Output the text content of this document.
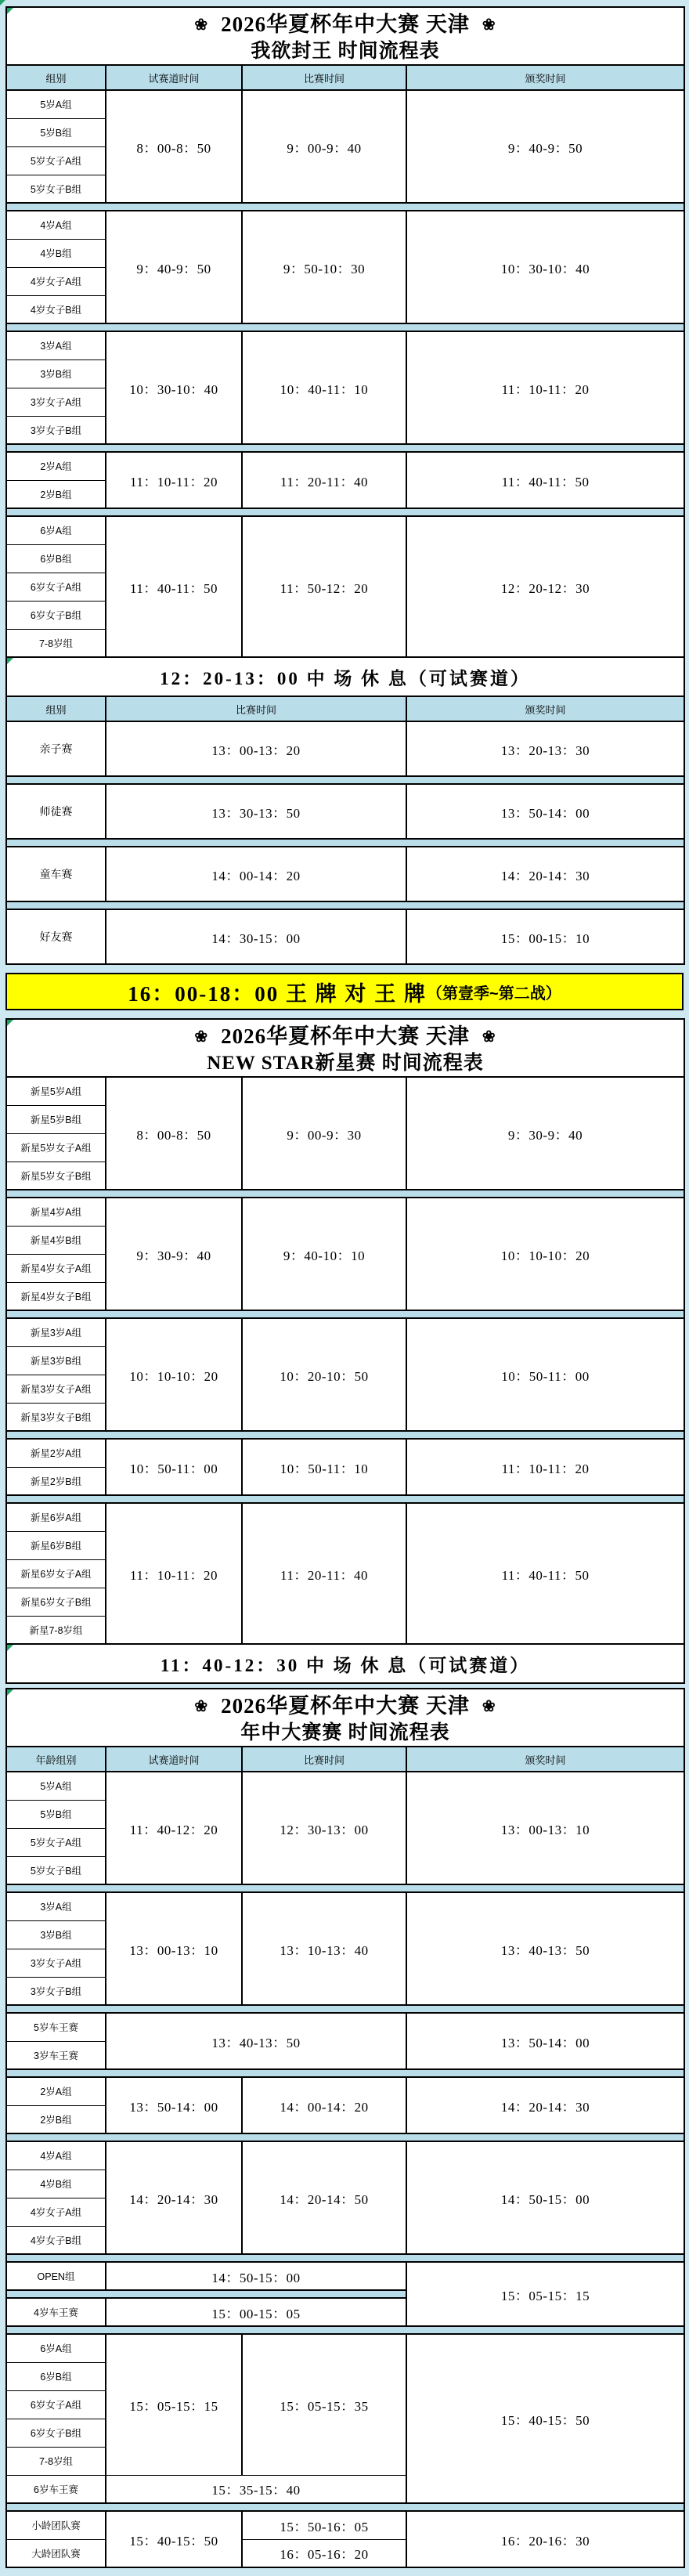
❀ 2026华夏杯年中大赛 天津 ❀
我欲封王 时间流程表			

组别	试赛道时间	比赛时间	颁奖时间
5岁A组	8：00-8：50	9：00-9：40	9：40-9：50
5岁B组			
5岁女子A组			
5岁女子B组			

4岁A组	9：40-9：50	9：50-10：30	10：30-10：40
4岁B组			
4岁女子A组			
4岁女子B组			

3岁A组	10：30-10：40	10：40-11：10	11：10-11：20
3岁B组			
3岁女子A组			
3岁女子B组			

2岁A组	11：10-11：20	11：20-11：40	11：40-11：50
2岁B组			

6岁A组	11：40-11：50	11：50-12：20	12：20-12：30
6岁B组			
6岁女子A组			
6岁女子B组			
7-8岁组			

12：20-13：00 中 场 休 息（可试赛道）			
组别	比赛时间		颁奖时间
亲子赛	13：00-13：20		13：20-13：30

师徒赛	13：30-13：50		13：50-14：00

童车赛	14：00-14：20		14：20-14：30

好友赛	14：30-15：00		15：00-15：10
16：00-18：00 王 牌 对 王 牌 （第壹季~第二战）
❀ 2026华夏杯年中大赛 天津 ❀
NEW STAR新星赛 时间流程表			

新星5岁A组	8：00-8：50	9：00-9：30	9：30-9：40
新星5岁B组			
新星5岁女子A组			
新星5岁女子B组			

新星4岁A组	9：30-9：40	9：40-10：10	10：10-10：20
新星4岁B组			
新星4岁女子A组			
新星4岁女子B组			

新星3岁A组	10：10-10：20	10：20-10：50	10：50-11：00
新星3岁B组			
新星3岁女子A组			
新星3岁女子B组			

新星2岁A组	10：50-11：00	10：50-11：10	11：10-11：20
新星2岁B组			

新星6岁A组	11：10-11：20	11：20-11：40	11：40-11：50
新星6岁B组			
新星6岁女子A组			
新星6岁女子B组			
新星7-8岁组			

11：40-12：30 中 场 休 息（可试赛道）			
❀ 2026华夏杯年中大赛 天津 ❀
年中大赛赛 时间流程表			

年龄组别	试赛道时间	比赛时间	颁奖时间
5岁A组	11：40-12：20	12：30-13：00	13：00-13：10
5岁B组			
5岁女子A组			
5岁女子B组			

3岁A组	13：00-13：10	13：10-13：40	13：40-13：50
3岁B组			
3岁女子A组			
3岁女子B组			

5岁车王赛	13：40-13：50		13：50-14：00
3岁车王赛			

2岁A组	13：50-14：00	14：00-14：20	14：20-14：30
2岁B组			

4岁A组	14：20-14：30	14：20-14：50	14：50-15：00
4岁B组			
4岁女子A组			
4岁女子B组			

OPEN组	14：50-15：00		15：05-15：15

4岁车王赛	15：00-15：05		

6岁A组	15：05-15：15	15：05-15：35	15：40-15：50
6岁B组			
6岁女子A组			
6岁女子B组			
7-8岁组			
6岁车王赛	15：35-15：40		

小龄团队赛	15：40-15：50	15：50-16：05	16：20-16：30
大龄团队赛		16：05-16：20	
